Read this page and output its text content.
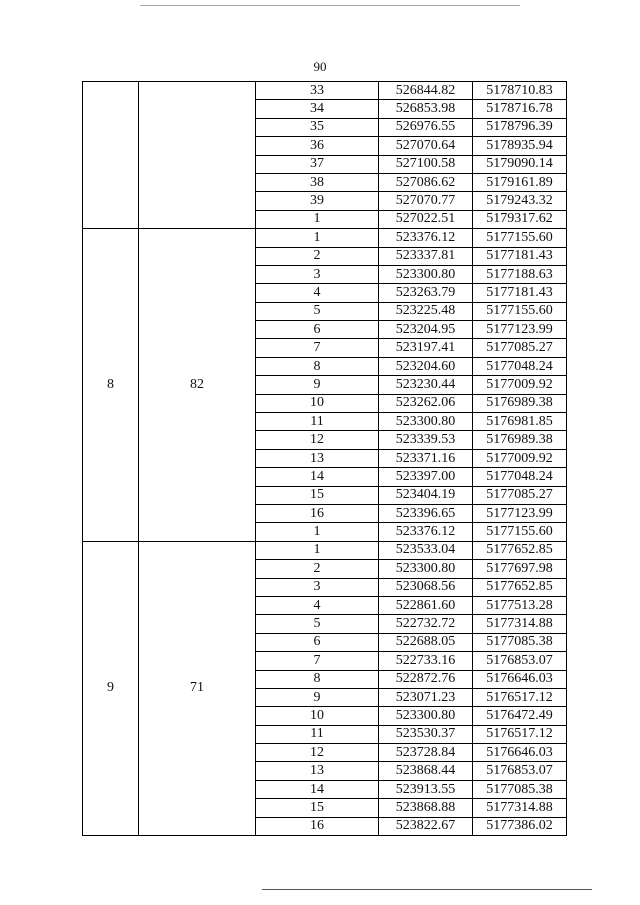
90
		33	526844.82	5178710.83
		34	526853.98	5178716.78
		35	526976.55	5178796.39
		36	527070.64	5178935.94
		37	527100.58	5179090.14
		38	527086.62	5179161.89
		39	527070.77	5179243.32
		1	527022.51	5179317.62
8	82	1	523376.12	5177155.60
		2	523337.81	5177181.43
		3	523300.80	5177188.63
		4	523263.79	5177181.43
		5	523225.48	5177155.60
		6	523204.95	5177123.99
		7	523197.41	5177085.27
		8	523204.60	5177048.24
		9	523230.44	5177009.92
		10	523262.06	5176989.38
		11	523300.80	5176981.85
		12	523339.53	5176989.38
		13	523371.16	5177009.92
		14	523397.00	5177048.24
		15	523404.19	5177085.27
		16	523396.65	5177123.99
		1	523376.12	5177155.60
9	71	1	523533.04	5177652.85
		2	523300.80	5177697.98
		3	523068.56	5177652.85
		4	522861.60	5177513.28
		5	522732.72	5177314.88
		6	522688.05	5177085.38
		7	522733.16	5176853.07
		8	522872.76	5176646.03
		9	523071.23	5176517.12
		10	523300.80	5176472.49
		11	523530.37	5176517.12
		12	523728.84	5176646.03
		13	523868.44	5176853.07
		14	523913.55	5177085.38
		15	523868.88	5177314.88
		16	523822.67	5177386.02
